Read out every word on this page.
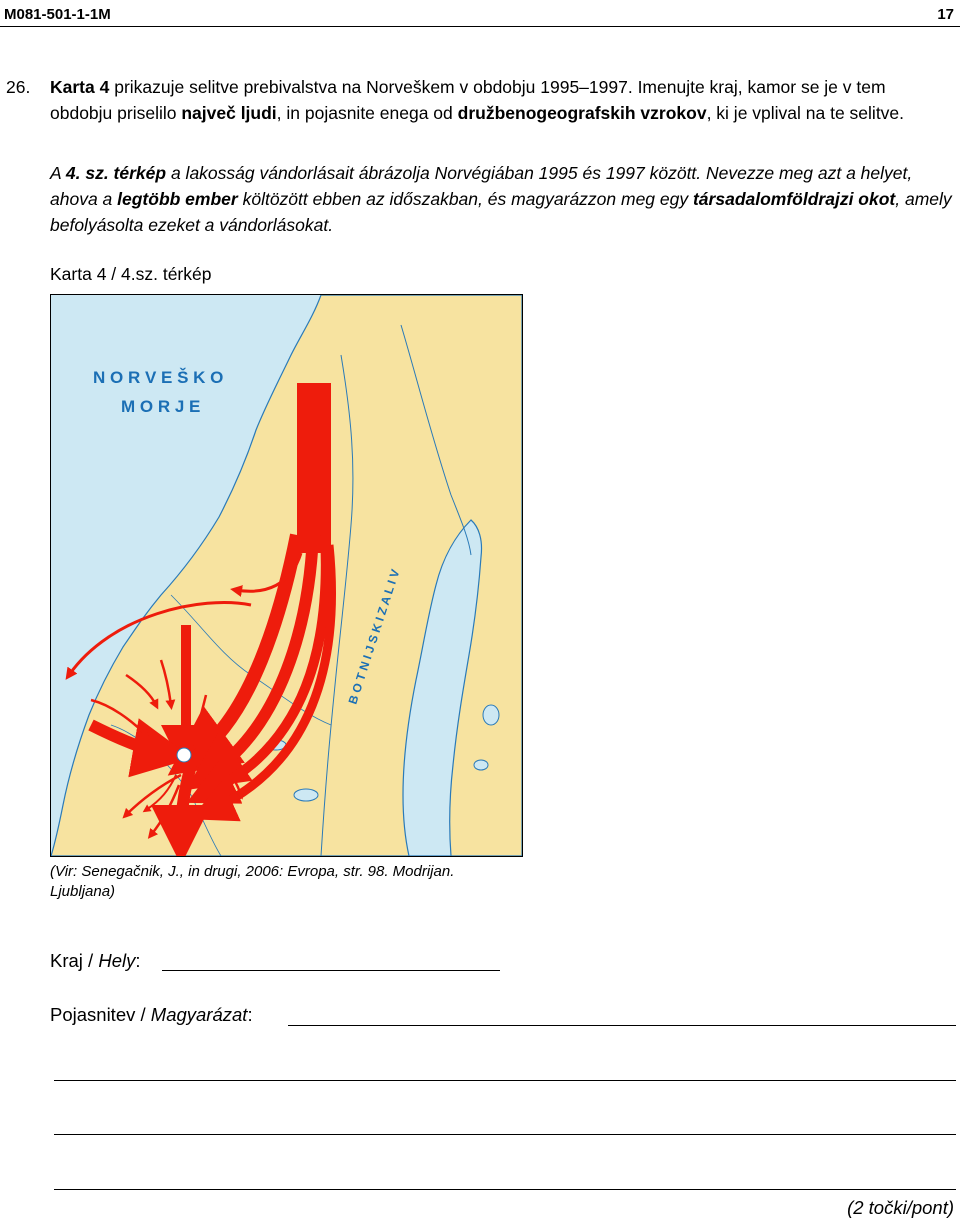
M081-501-1-1M	17
26. Karta 4 prikazuje selitve prebivalstva na Norveškem v obdobju 1995–1997. Imenujte kraj, kamor se je v tem obdobju priselilo največ ljudi, in pojasnite enega od družbenogeografskih vzrokov, ki je vplival na te selitve.

A 4. sz. térkép a lakosság vándorlásait ábrázolja Norvégiában 1995 és 1997 között. Nevezze meg azt a helyet, ahova a legtöbb ember költözött ebben az időszakban, és magyarázzon meg egy társadalomföldrajzi okot, amely befolyásolta ezeket a vándorlásokat.

Karta 4 / 4.sz. térkép
N O R V E Š K O
M O R J E
B O T N I J S K I Z A L I V
(Vir: Senegačnik, J., in drugi, 2006: Evropa, str. 98. Modrijan. Ljubljana)
Kraj / Hely:
Pojasnitev / Magyarázat:
(2 točki/pont)
